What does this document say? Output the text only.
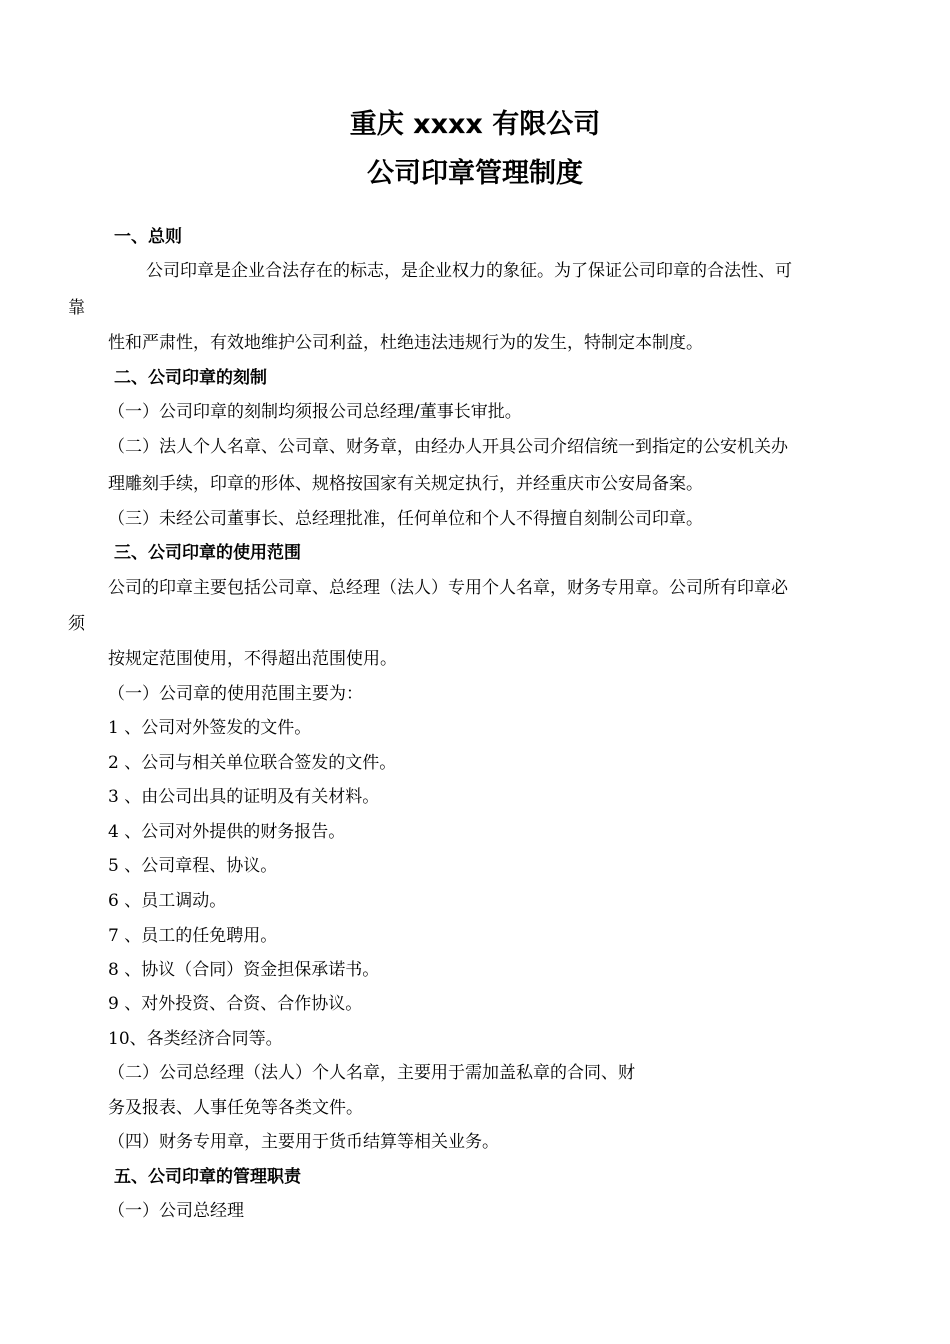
重庆 xxxx 有限公司
公司印章管理制度
一、总则
公司印章是企业合法存在的标志，是企业权力的象征。为了保证公司印章的合法性、可
靠
性和严肃性，有效地维护公司利益，杜绝违法违规行为的发生，特制定本制度。
二、公司印章的刻制
（一）公司印章的刻制均须报公司总经理/董事长审批。
（二）法人个人名章、公司章、财务章，由经办人开具公司介绍信统一到指定的公安机关办
理雕刻手续，印章的形体、规格按国家有关规定执行，并经重庆市公安局备案。
（三）未经公司董事长、总经理批准，任何单位和个人不得擅自刻制公司印章。
三、公司印章的使用范围
公司的印章主要包括公司章、总经理（法人）专用个人名章，财务专用章。公司所有印章必
须
按规定范围使用，不得超出范围使用。
（一）公司章的使用范围主要为：
1 、公司对外签发的文件。
2 、公司与相关单位联合签发的文件。
3 、由公司出具的证明及有关材料。
4 、公司对外提供的财务报告。
5 、公司章程、协议。
6 、员工调动。
7 、员工的任免聘用。
8 、协议（合同）资金担保承诺书。
9 、对外投资、合资、合作协议。
10、各类经济合同等。
（二）公司总经理（法人）个人名章，主要用于需加盖私章的合同、财
务及报表、人事任免等各类文件。
（四）财务专用章，主要用于货币结算等相关业务。
五、公司印章的管理职责
（一）公司总经理
